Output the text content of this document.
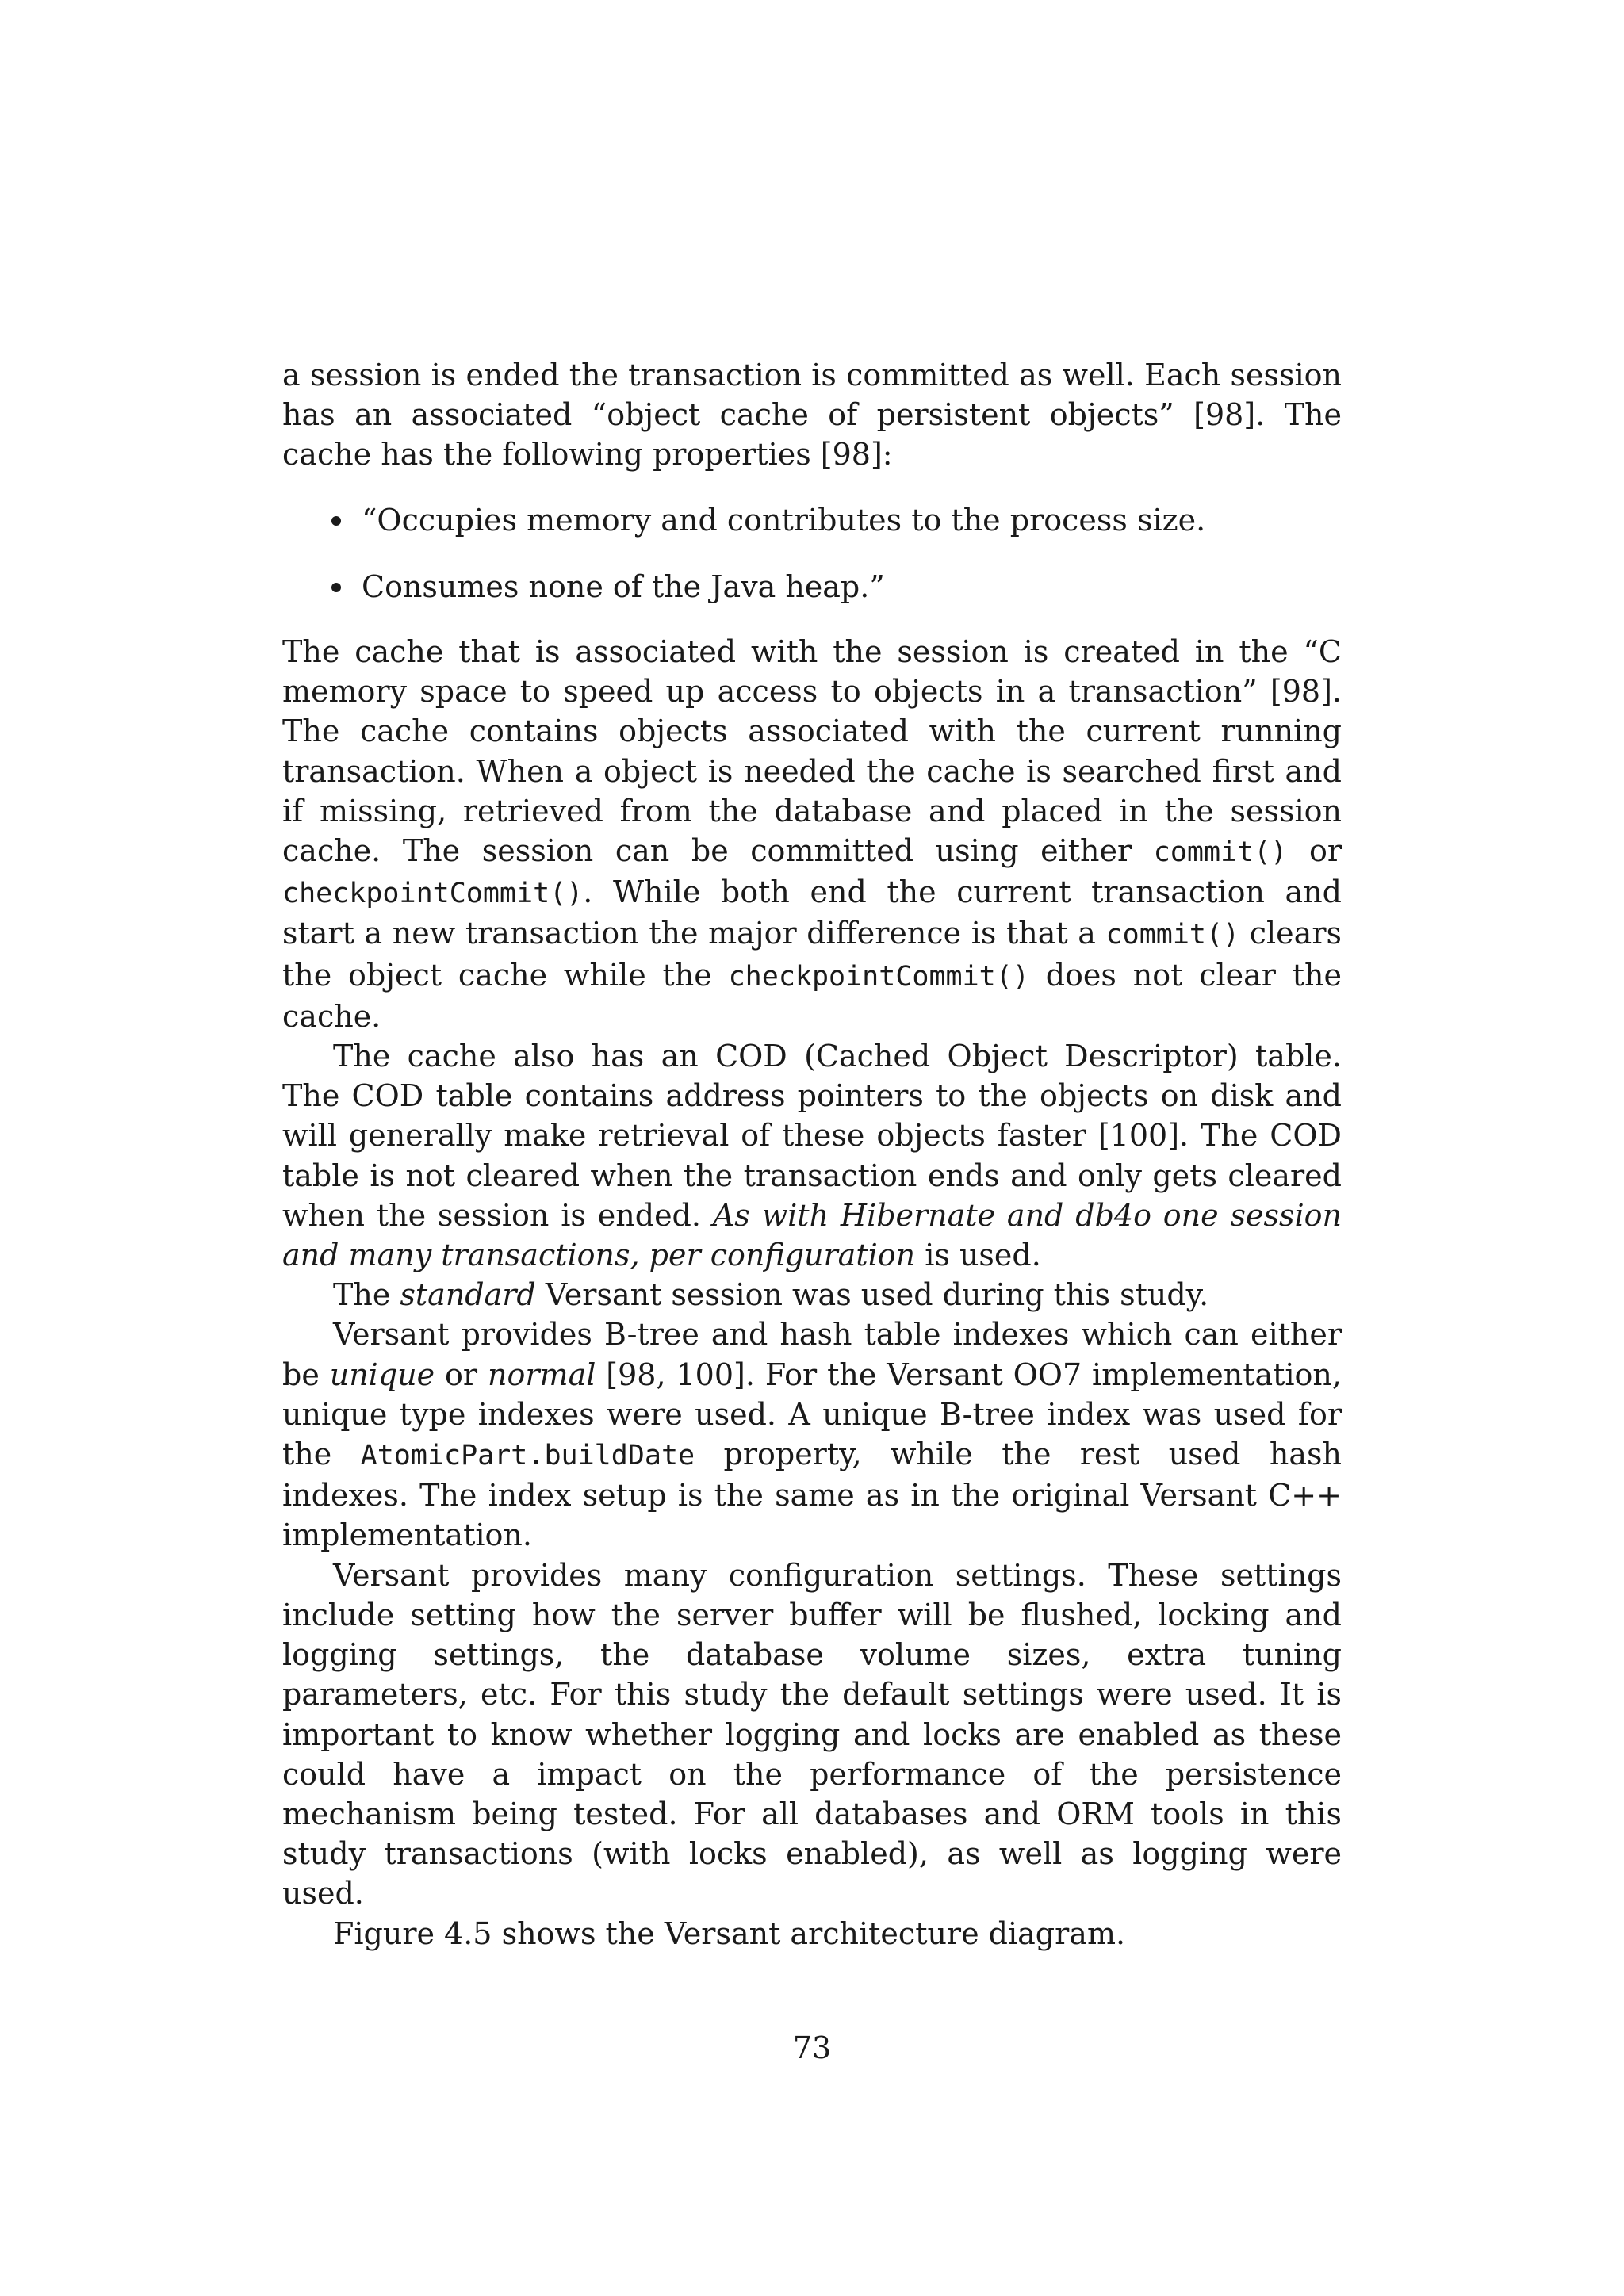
a session is ended the transaction is committed as well. Each session has an associated “object cache of persistent objects” [98]. The cache has the following properties [98]:

“Occupies memory and contributes to the process size.
Consumes none of the Java heap.”

The cache that is associated with the session is created in the “C memory space to speed up access to objects in a transaction” [98]. The cache contains objects associated with the current running transaction. When a object is needed the cache is searched first and if missing, retrieved from the database and placed in the session cache. The session can be committed using either commit() or checkpointCommit(). While both end the current transaction and start a new transaction the major difference is that a commit() clears the object cache while the checkpointCommit() does not clear the cache.

The cache also has an COD (Cached Object Descriptor) table. The COD table contains address pointers to the objects on disk and will generally make retrieval of these objects faster [100]. The COD table is not cleared when the transaction ends and only gets cleared when the session is ended. As with Hibernate and db4o one session and many transactions, per configuration is used.

The standard Versant session was used during this study.

Versant provides B-tree and hash table indexes which can either be unique or normal [98, 100]. For the Versant OO7 implementation, unique type indexes were used. A unique B-tree index was used for the AtomicPart.buildDate property, while the rest used hash indexes. The index setup is the same as in the original Versant C++ implementation.

Versant provides many configuration settings. These settings include setting how the server buffer will be flushed, locking and logging settings, the database volume sizes, extra tuning parameters, etc. For this study the default settings were used. It is important to know whether logging and locks are enabled as these could have a impact on the performance of the persistence mechanism being tested. For all databases and ORM tools in this study transactions (with locks enabled), as well as logging were used.

Figure 4.5 shows the Versant architecture diagram.

73
